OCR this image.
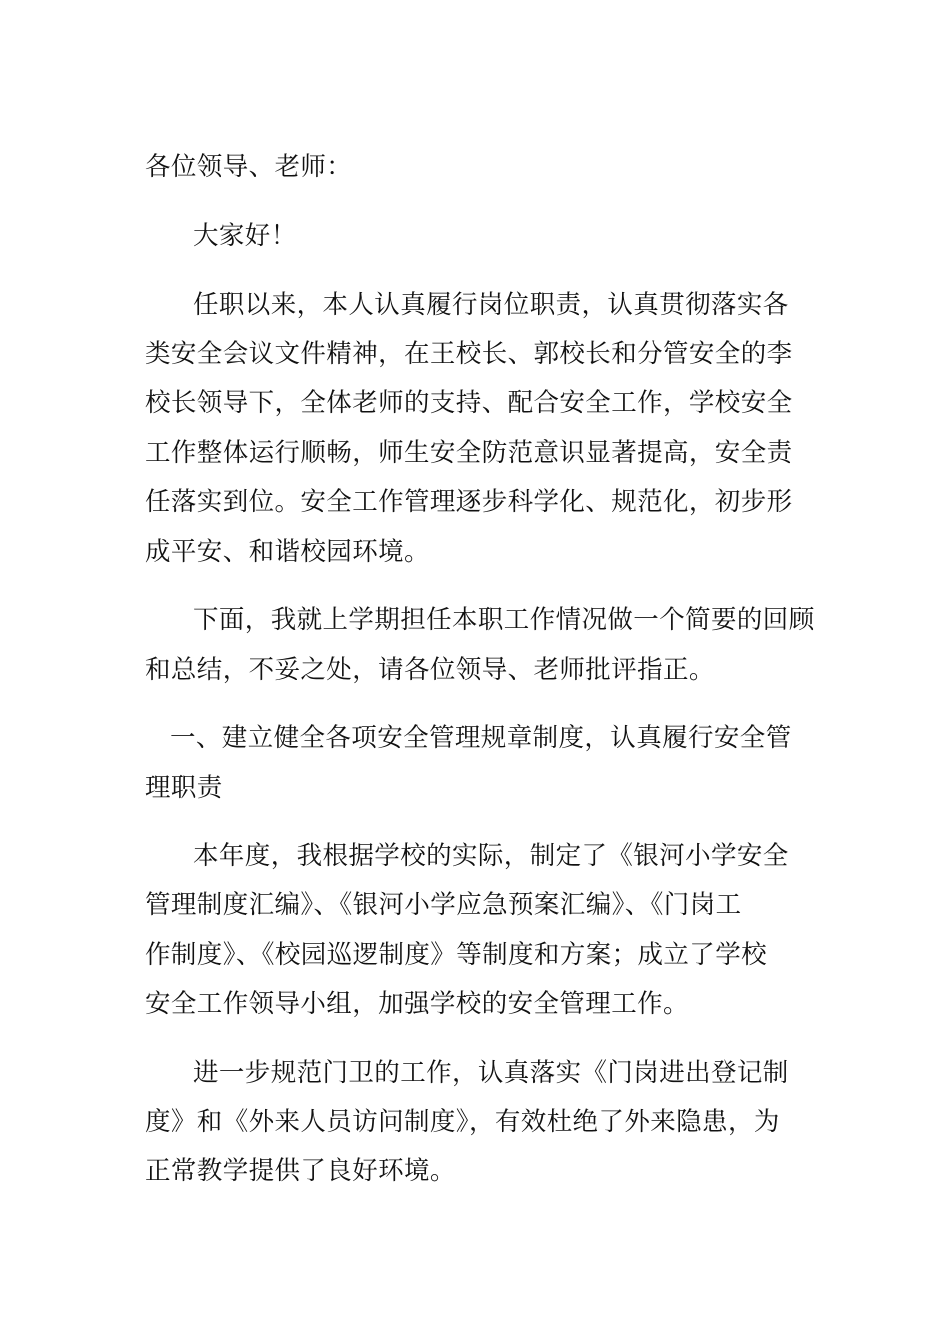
各位领导、老师：
大家好！
任职以来，本人认真履行岗位职责，认真贯彻落实各
类安全会议文件精神，在王校长、郭校长和分管安全的李
校长领导下，全体老师的支持、配合安全工作，学校安全
工作整体运行顺畅，师生安全防范意识显著提高，安全责
任落实到位。安全工作管理逐步科学化、规范化，初步形
成平安、和谐校园环境。
下面，我就上学期担任本职工作情况做一个简要的回顾
和总结，不妥之处，请各位领导、老师批评指正。
一、建立健全各项安全管理规章制度，认真履行安全管
理职责
本年度，我根据学校的实际，制定了《银河小学安全
管理制度汇编》、《银河小学应急预案汇编》、《门岗工
作制度》、《校园巡逻制度》等制度和方案；成立了学校
安全工作领导小组，加强学校的安全管理工作。
进一步规范门卫的工作，认真落实《门岗进出登记制
度》和《外来人员访问制度》，有效杜绝了外来隐患，为
正常教学提供了良好环境。
